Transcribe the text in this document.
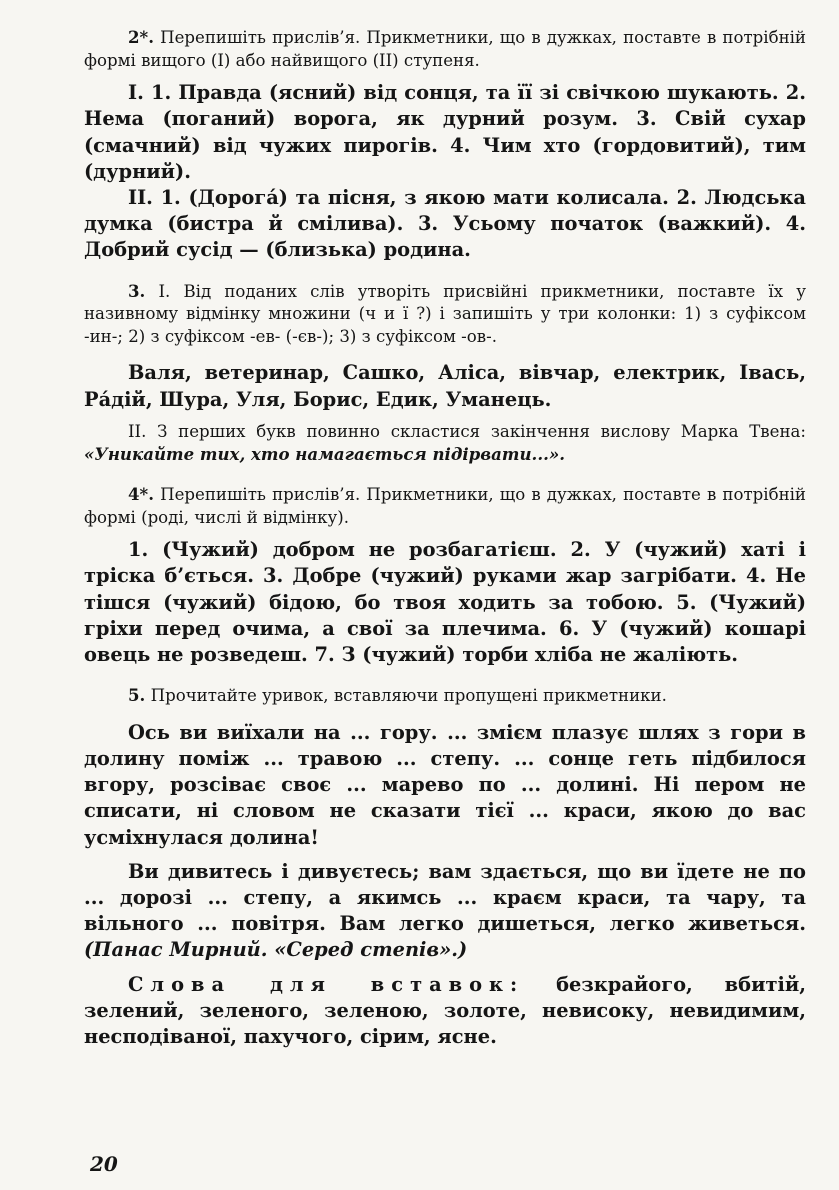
2*. Перепишіть прислів’я. Прикметники, що в дужках, поставте в потрібній формі вищого (I) або найвищого (II) ступеня.

I. 1. Правда (ясний) від сонця, та її зі свічкою шукають. 2. Нема (поганий) ворога, як дурний розум. 3. Свій сухар (смачний) від чужих пирогів. 4. Чим хто (гордовитий), тим (дурний).

II. 1. (Дорога́) та пісня, з якою мати колисала. 2. Людська думка (бистра й смілива). 3. Усьому початок (важкий). 4. Добрий сусід — (близька) родина.

3. I. Від поданих слів утворіть присвійні прикметники, поставте їх у називному відмінку множини (ч и ї ?) і запишіть у три колонки: 1) з суфіксом -ин-; 2) з суфіксом -ев- (-єв-); 3) з суфіксом -ов-.

Валя, ветеринар, Сашко, Аліса, вівчар, електрик, Івась, Ра́дій, Шура, Уля, Борис, Едик, Уманець.

II. З перших букв повинно скластися закінчення вислову Марка Твена: «Уникайте тих, хто намагається підірвати...».

4*. Перепишіть прислів’я. Прикметники, що в дужках, поставте в потрібній формі (роді, числі й відмінку).

1. (Чужий) добром не розбагатієш. 2. У (чужий) хаті і тріска б’ється. 3. Добре (чужий) руками жар загрібати. 4. Не тішся (чужий) бідою, бо твоя ходить за тобою. 5. (Чужий) гріхи перед очима, а свої за плечима. 6. У (чужий) кошарі овець не розведеш. 7. З (чужий) торби хліба не жаліють.

5. Прочитайте уривок, вставляючи пропущені прикметники.

Ось ви виїхали на ... гору. ... змієм плазує шлях з гори в долину поміж ... травою ... степу. ... сонце геть підбилося вгору, розсіває своє ... марево по ... долині. Ні пером не списати, ні словом не сказати тієї ... краси, якою до вас усміхнулася долина!

Ви дивитесь і дивуєтесь; вам здається, що ви їдете не по ... дорозі ... степу, а якимсь ... краєм краси, та чару, та вільного ... повітря. Вам легко дишеться, легко живеться. (Панас Мирний. «Серед степів».)

Слова для вставок: безкрайого, вбитій, зелений, зеленого, зеленою, золоте, невисоку, невидимим, несподіваної, пахучого, сірим, ясне.

20
